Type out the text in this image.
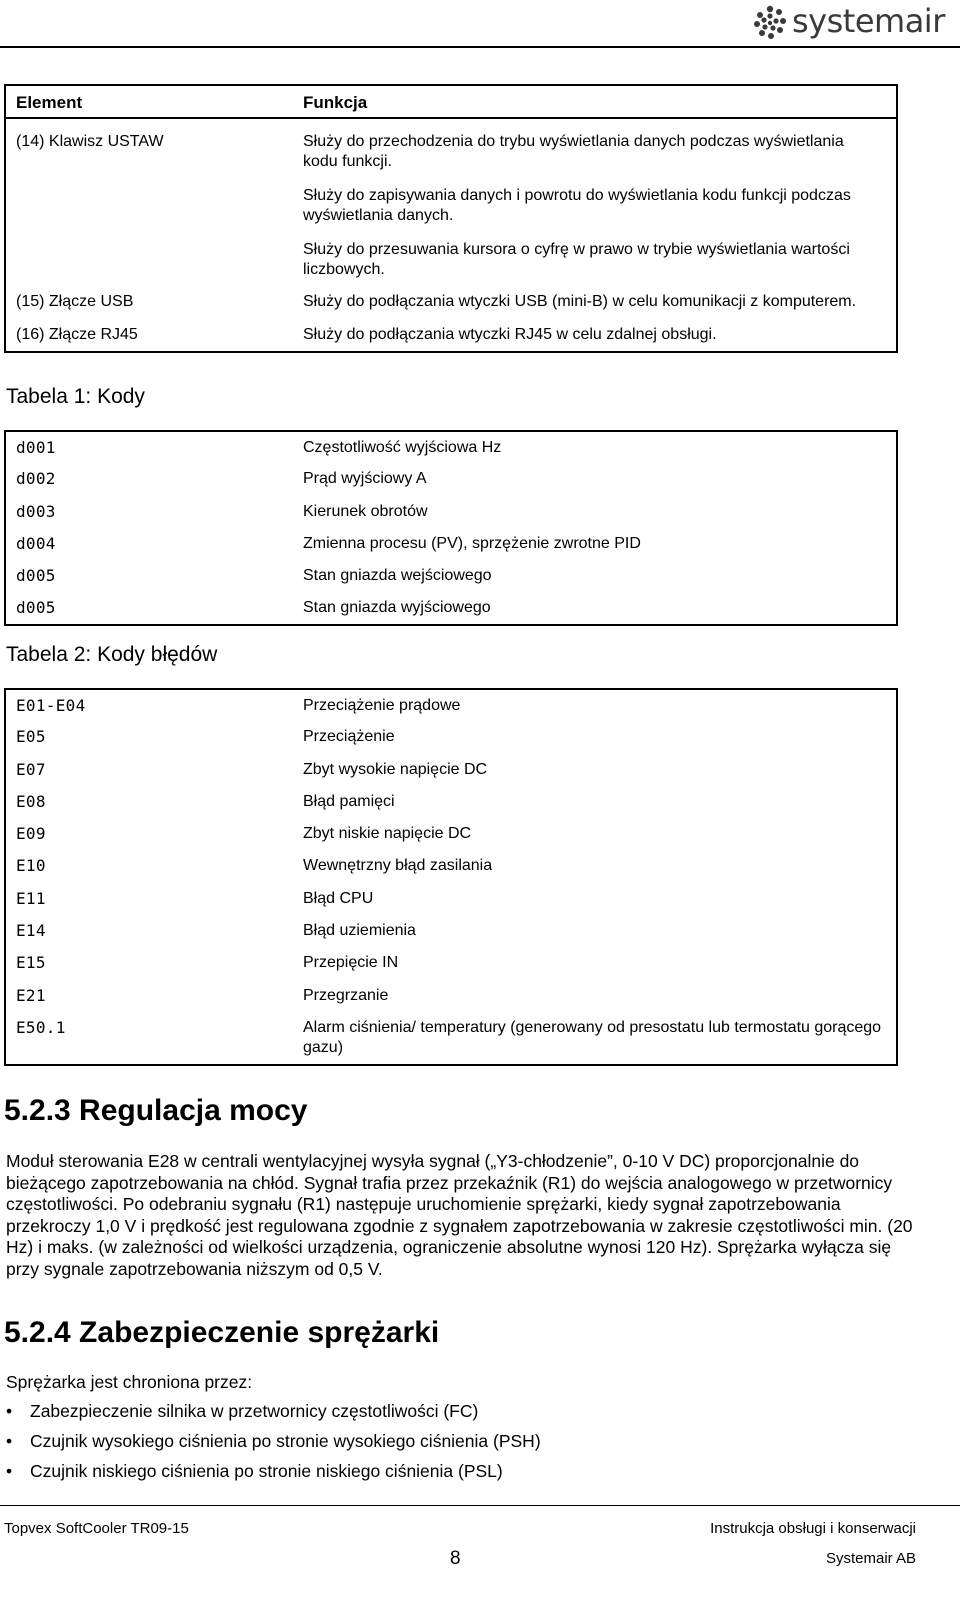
systemair
Element	Funkcja
(14) Klawisz USTAW	Służy do przechodzenia do trybu wyświetlania danych podczas wyświetlania kodu funkcji.
Służy do zapisywania danych i powrotu do wyświetlania kodu funkcji podczas wyświetlania danych.
Służy do przesuwania kursora o cyfrę w prawo w trybie wyświetlania wartości liczbowych.

(15) Złącze USB	Służy do podłączania wtyczki USB (mini-B) w celu komunikacji z komputerem.
(16) Złącze RJ45	Służy do podłączania wtyczki RJ45 w celu zdalnej obsługi.
Tabela 1: Kody
d001	Częstotliwość wyjściowa Hz
d002	Prąd wyjściowy A
d003	Kierunek obrotów
d004	Zmienna procesu (PV), sprzężenie zwrotne PID
d005	Stan gniazda wejściowego
d005	Stan gniazda wyjściowego
Tabela 2: Kody błędów
E01-E04	Przeciążenie prądowe
E05	Przeciążenie
E07	Zbyt wysokie napięcie DC
E08	Błąd pamięci
E09	Zbyt niskie napięcie DC
E10	Wewnętrzny błąd zasilania
E11	Błąd CPU
E14	Błąd uziemienia
E15	Przepięcie IN
E21	Przegrzanie
E50.1	Alarm ciśnienia/ temperatury (generowany od presostatu lub termostatu gorącego gazu)
5.2.3 Regulacja mocy
Moduł sterowania E28 w centrali wentylacyjnej wysyła sygnał („Y3-chłodzenie”, 0-10 V DC) proporcjonalnie do bieżącego zapotrzebowania na chłód. Sygnał trafia przez przekaźnik (R1) do wejścia analogowego w przetwornicy częstotliwości. Po odebraniu sygnału (R1) następuje uruchomienie sprężarki, kiedy sygnał zapotrzebowania przekroczy 1,0 V i prędkość jest regulowana zgodnie z sygnałem zapotrzebowania w zakresie częstotliwości min. (20 Hz) i maks. (w zależności od wielkości urządzenia, ograniczenie absolutne wynosi 120 Hz). Sprężarka wyłącza się przy sygnale zapotrzebowania niższym od 0,5 V.
5.2.4 Zabezpieczenie sprężarki
Sprężarka jest chroniona przez:
• Zabezpieczenie silnika w przetwornicy częstotliwości (FC)
• Czujnik wysokiego ciśnienia po stronie wysokiego ciśnienia (PSH)
• Czujnik niskiego ciśnienia po stronie niskiego ciśnienia (PSL)
Topvex SoftCooler TR09-15	Instrukcja obsługi i konserwacji
8	Systemair AB
